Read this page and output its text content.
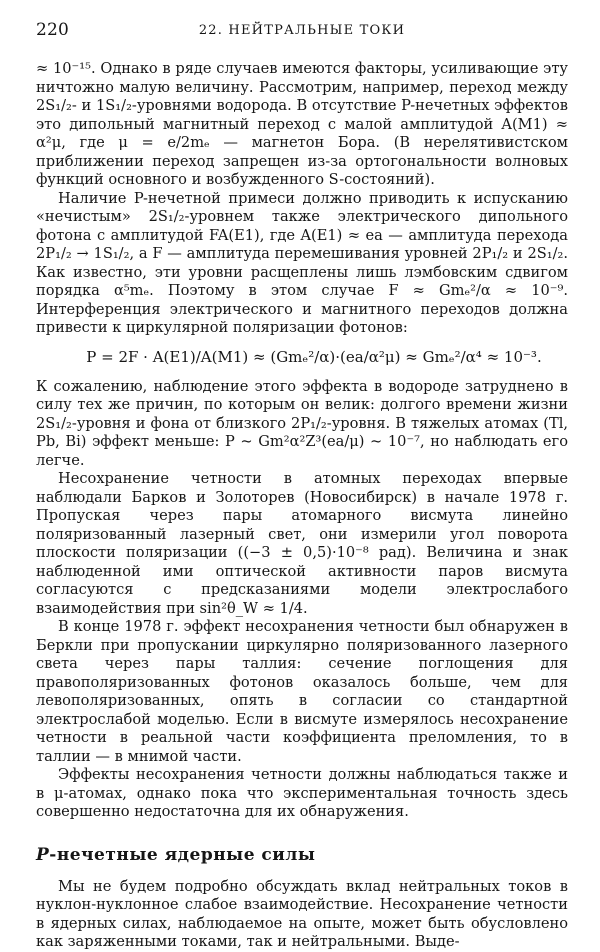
220	22. НЕЙТРАЛЬНЫЕ ТОКИ

≈ 10⁻¹⁵. Однако в ряде случаев имеются факторы, усиливающие эту ничтожно малую величину. Рассмотрим, например, переход между 2S₁/₂- и 1S₁/₂-уровнями водорода. В отсутствие P-нечетных эффектов это дипольный магнитный переход с малой амплитудой A(M1) ≈ α²μ, где μ = e/2mₑ — магнетон Бора. (В нерелятивистском приближении переход запрещен из-за ортогональности волновых функций основного и возбужденного S-состояний).

Наличие P-нечетной примеси должно приводить к испусканию «нечистым» 2S₁/₂-уровнем также электрического дипольного фотона с амплитудой FA(E1), где A(E1) ≈ ea — амплитуда перехода 2P₁/₂ → 1S₁/₂, а F — амплитуда перемешивания уровней 2P₁/₂ и 2S₁/₂. Как известно, эти уровни расщеплены лишь лэмбовским сдвигом порядка α⁵mₑ. Поэтому в этом случае F ≈ Gmₑ²/α ≈ 10⁻⁹. Интерференция электрического и магнитного переходов должна привести к циркулярной поляризации фотонов:

P = 2F · A(E1)/A(M1) ≈ (Gmₑ²/α)·(ea/α²μ) ≈ Gmₑ²/α⁴ ≈ 10⁻³.

К сожалению, наблюдение этого эффекта в водороде затруднено в силу тех же причин, по которым он велик: долгого времени жизни 2S₁/₂-уровня и фона от близкого 2P₁/₂-уровня. В тяжелых атомах (Tl, Pb, Bi) эффект меньше: P ~ Gm²α²Z³(ea/μ) ~ 10⁻⁷, но наблюдать его легче.

Несохранение четности в атомных переходах впервые наблюдали Барков и Золоторев (Новосибирск) в начале 1978 г. Пропуская через пары атомарного висмута линейно поляризованный лазерный свет, они измерили угол поворота плоскости поляризации ((−3 ± 0,5)·10⁻⁸ рад). Величина и знак наблюденной ими оптической активности паров висмута согласуются с предсказаниями модели электрослабого взаимодействия при sin²θ_W ≈ 1/4.

В конце 1978 г. эффект несохранения четности был обнаружен в Беркли при пропускании циркулярно поляризованного лазерного света через пары таллия: сечение поглощения для правополяризованных фотонов оказалось больше, чем для левополяризованных, опять в согласии со стандартной электрослабой моделью. Если в висмуте измерялось несохранение четности в реальной части коэффициента преломления, то в таллии — в мнимой части.

Эффекты несохранения четности должны наблюдаться также и в μ-атомах, однако пока что экспериментальная точность здесь совершенно недостаточна для их обнаружения.

P-нечетные ядерные силы

Мы не будем подробно обсуждать вклад нейтральных токов в нуклон-нуклонное слабое взаимодействие. Несохранение четности в ядерных силах, наблюдаемое на опыте, может быть обусловлено как заряженными токами, так и нейтральными. Выде-
